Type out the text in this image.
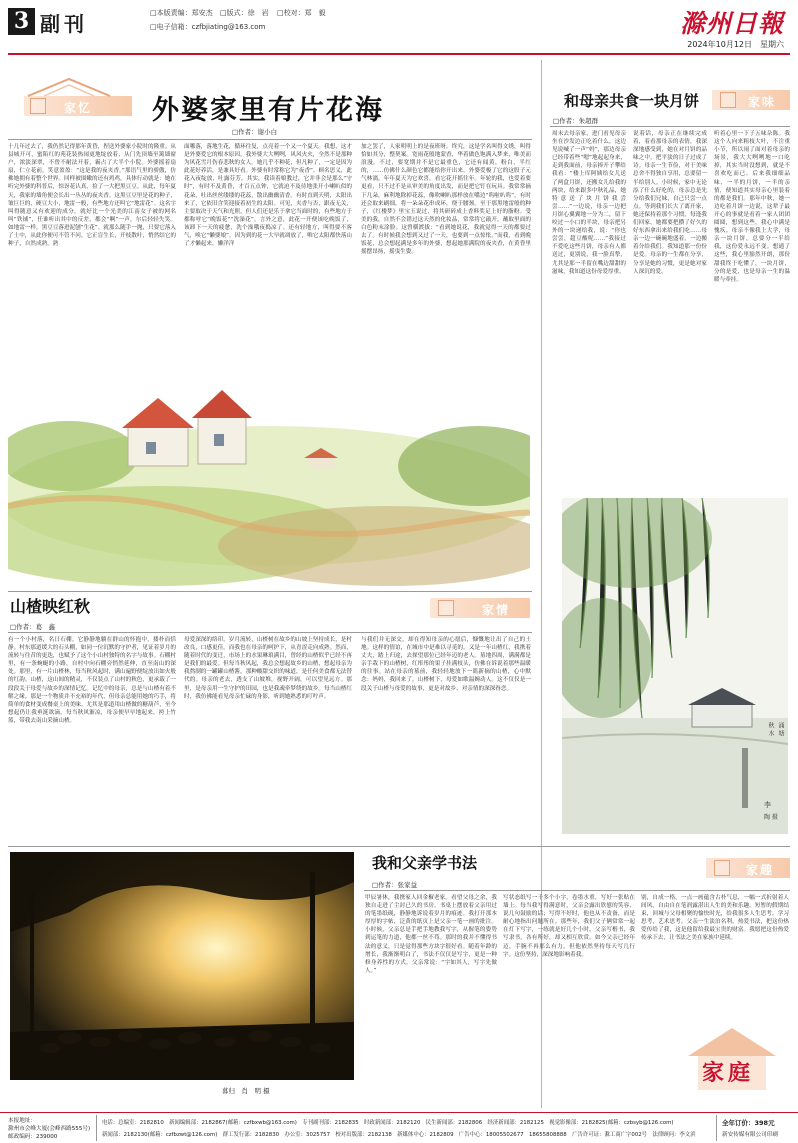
3 副刊	□本版责编：郑安杰 □版式：徐　岩 □校对：郑　毅
□电子信箱：czfbjiating@163.com	滁州日報
2024年10月12日　星期六
家忆 外婆家里有片花海
□作者：谢小白
十几年过去了，我仍然记得那年黄昏，捏送外婆家小院时的隆重。从县城开可，蜜陷红的苑花装热闹更地绽放着，从门先顶墙至篱墙窗户，浓淡深翠，不曾不耐法开着，霸占了大半个小院。外婆摇着扇扇，仁立花前，笑意盈盈：“这是我的夜夹香。”那语气里的骄傲，仿佛她拥有着整个世界。回样被围嫩的还有鸡鸡，具体行动就是：她在听完外婆的科普后，惊讶花认真，捡了一大把黑豆豆。从此，每年夏天，我家的墙角便会长出一丛丛的夜夹香。这黑豆豆里是花的种子，皱巨巨的，硬豆大小，地雷一般，有些地方还叫它“地雷花”。这名字叫得随意又有欢迎的成分，就好比一个光美的江南女子被的网名叫“铁铺”，任谁听出其中的反差，都会“啊”一声，尔后轻轻失笑。如地雷一样，黑豆豆落进泥刨“生花”。就那么随手一抛，只要它落入了土中，从此你便可不管不问。它正盲生长，开枝散叶，悄然结它的种子，自然成熟，熟
面哪落，落地生花，循环往复，点亮着一个又一个夏天。我想，这才是外婆爱它的根本原因。我外婆大大咧咧，风风火火，全然不是那种为风花雪月伤春悲秋的女人。她几乎不种花，但凡种了，一定是因为此花好养活，是兼具好看。外婆有时常称它为“夜香”。顾名思义，此花入夜绽放，吐露芬芳。其实，我读着娘教过，它并非会是那么“守时”，有时不及黄昏，才百五点钟，它就迫不及待地张开小喇叭似的花朵，吐出丝丝缕缕的花蕊，散出幽幽清香。有时直到天明，太阳出来了，它依旧含笑迎接着初生的太阳。可见，夹香与否，跟夜无关，主要取决于天气和光照。但人们还是乐于拿它当面时的，有些地方于都称呼它“晚饭花”“洗澡花”。言外之意，此花一开便该吃晚饭了，该卸下一天的疲惫，洗个澡哦夜捣凉了。还有轻地方，叫得要不客气，唤它“懒婆娘”。因为到的花一大早就凋放了，唯它太阳都快落山了才懒起来，懒洋洋
加之罢了，人家明明上的是夜班呀。终究，这是学名叫得文绣，叫得恰如其分，整契案。宽雨花般地蒙香，华着做色饱满入梦来，唯美而浪漫。不过，要宽期并不是它最重色，它还有闻黄，粉白，半红的，……仿佛什么颜色它都能给你开出来。外婆爱极了它的这股子元气林漓，年年夏天为它欢喜，看它花开摇往年。年轮的我，也爱着要更看，只不过不是从审美的角度出发，而是把它钉在玩具。我常常摘下几朵，麻利地除掉花蕊，像吹喇叭那样放在嘴边“呜啦叭呜”，有时还会取来刷细，将一朵朵花串成环，绕于腰颈。至于那黑地雷般的种子，《红楼梦》里宝玉说过，将其研碎成上香料奖足上好的脂粉。受美的我，自然不会错过这天然的化妆品，常常将它敲开，蘸取里面的白色粉末涂脸。这曾横渡拔：“看到她说花，我就觉得一天的都要过去了。有时候我会想到又过了一天，也要到一点惊怅。”而我，看到晚饭花，总会想起满是多年的外婆，想起她那满院的夜夹香，在黄昏里摇摆昂扬，摇曳生姿。
和母亲共食一块月饼	家味
□作者：朱超群
周末去母亲家，进门看见母亲坐在沙发边正吃着什么，这边见说喊了一声“妈”，那边母亲已经带着些“嗯”地起起身来，走到我面前，母亲捧开子攀给我看：“楼上库阿姨给女儿送了两盒月饼，还搬女儿给我的两块，给来跟多中秋礼品，她特意送了块月饼我尝尝……”一边说，母亲一边把月饼心翼翼地一分为二，留下咬过一小口的半块，母亲把另外的一块递给我，说：“你也尝尝，超豆酸呢……”我接过不爱吃这些月饼，母亲有人都送过，更别说，我一脸真挚，尤其是那一半留在嘴边甜甜的滋味，我知道这份母爱厚重。
说着话，母亲正在继续完成着，着看那母亲的表情，我深深地感受到，她在对月饼的品味之中，把平淡的日子过成了诗。母亲一生节俭，对于美味总舍不得独自享用，总要留一半给别人。小时候，家中无论添了什么好吃的，母亲总是先分给我们兄妹，自己只尝一点点。等到我们长大了离开家，她还保持着那个习惯，每逢我们回家，她都要把攒了好久的好东西拿出来给我们吃……母亲一边一碗碗地盛着，一边搬着分给我们。我知道那一份份是爱。母亲的一生都在分享，分享是她的习惯，更是她对家人深沉的爱。
听着心里一下子五味杂陈。我这个人向来粗枝大叶，不注重小节，所以闹了面对着母亲的场景，我大大咧咧地一口吃掉，其实当时没想到，就是不喜欢吃而已。后来我细细品味，一半的月饼，一半的亲情，便知道其实母亲心里装着的都是我们。那年中秋，她一边吃着月饼一边说，这辈子最开心的事就是看着一家人团团圆圆，想到这些，我心中满是愧疚。母亲不像我上大学，母亲一块月饼，总要分一半给我，这份爱永远不变。想通了这些，我心里豁然开朗，那份甜我终于吃懂了，一块月饼，分的是爱，也是母亲一生的温暖与牵挂。
秋水 涌塘
李
陶 摄
山楂映红秋	家情
□作者：葛　鑫
有一个小村落，名日石棚。它静静地躺在群山的怀抱中，搂朴而恬静。村东那道缓大的石头棚，如同一位沉默的守护者，见证着岁月的流转与往昔的更迭，也赋予了这个小山村独特的名字与故事。石棚村里，有一条蜿蜒的小路，自村中向石棚旁悄然延伸，直至南山的深处。那里，有一片山楂林，每当秋风起时，满山遍野便绽放出如火般的红韵。山楂，这山间的精灵，不仅装点了山村的秋色，更承载了一段段关于母爱与故乡的深情记忆。记忆中的母亲，总是与山楂有着不解之缘。那是一个物质并不充裕的年代，但母亲总能用她的巧手，将简单的食材变成餐桌上的美味。尤其是那道用山楂做的糖葫芦，至今想起仍让我垂涎欲滴。每当秋风渐凉，母亲便早早地起来，挎上竹篮，带我去南山采摘山楂。
母爱深深的络印。岁月流转，山楂树在故乡的山坡上坚持成长，是村改良，口感更佳。而我也在母亲的呵护下，从青涩走向成熟。然而，随着时代的变迁，市场上的水果琳琅满目，曾经的山楂似乎已经不再是我们的最爱。但每当秋风起，我总会想起故乡的山楂，想起母亲为我熬制的一罐罐山楂酱，那种酸甜交织的味道，是任何美食都无法替代的。母亲的老去，透支了山坡堆，视野开阔，可以望见远方。那里，是母亲用一生守护的田园，也是我魂牵梦绕的故乡。每当山楂红时，我仿佛能看见母亲忙碌的身影，听到她熟悉的叮咛声。
与我们并无深交，却在得知母亲的心愿后，慷慨地让出了自己的土地。这样的情谊，在城市中是难以寻觅的。又是一年山楂红，我携着丈夫，踏上归途，去探望那位已经年迈的老人。墓地四周，满满都是亲手栽下的山楂树，红彤彤的果子挂满枝头，仿佛在诉说着那些温暖的往事。站在母亲的墓前，我轻轻地放下一篮新摘的山楂，心中默念：妈妈，我回来了。山楂树下，母爱如歌温婉动人。这不仅仅是一段关于山楂与母爱的故事，更是对故乡、对亲情的深深眷恋。
我和父亲学书法	家趣
□作者：张家益
暮归　肖　明 摄
甲辰暑休，我携家人回金椒老家。看望父母之余，我独自走进了尘封已久的书房。书桌上摆放着父亲用过的笔墨纸砚，静静地诉说着岁月的痕迹。我打开那本厚厚的字帖，泛黄的纸页上是父亲一笔一画的批注。小时候，父亲总是手把手地教我写字，从握笔的姿势到运笔的力道，他都一丝不苟。那时的我并不懂得书法的意义，只是觉得那些方块字很好看。随着年龄的增长，我渐渐明白了，书法不仅仅是写字，更是一种修身养性的方式。父亲常说：“字如其人，写字先做人。”
写状态纸写一千多个小字，卷墨水重，写好一张贴在墙上。每当我写得满意时，父亲会露出欣慰的笑容，说几句鼓励的话；写得不好时，他也从不责备，而是耐心地指出问题所在。那些年，我们父子俩常常一起在灯下写字，一练就是好几个小时。父亲写楷书，我写隶书，各有所好，却又相互欣赏。如今父亲已经年迈，手腕不再那么有力，但他依然坚持每天写几行字。这份坚持，深深地影响着我。
别，自成一格，一点一画蕴含古朴气息，一幅一式折射着人间风，自由自在笔润露湛出人生的美和乐趣。短暂的假期结束，回城与父母相聚的愉快时光，给我很多人生思考，学习思考，艺术思考。父亲一生淡泊名利，热爱书法，把这份热爱传给了我，这是他留给我最宝贵的财富。我愿把这份热爱传承下去，让书法之美在家族中延续。
家庭
本报地址：
滁州市会峰大厦(会峰西路555号)
邮政编码：239000
电话：总编室：2182810　新闻编辑部：2182867(邮箱：czfbxwb@163.com)　专刊副刊部：2182835　时政新闻部：2182120　民生新闻部：2182806　经济新闻部：2182125　视觉影像部：2182825(邮箱：czbsyb@126.com)
新闻部：2182130(邮箱：czfbzwt@126.com)　群工发行部：2182830　办公室：3025757　校对出版部：2182138　新媒体中心：2182809　广告中心：18005502677　18655808888　广告许可证：滁工商广字002号　法律顾问：李文滨
全年订价：398元
新安传媒有限公司印刷
